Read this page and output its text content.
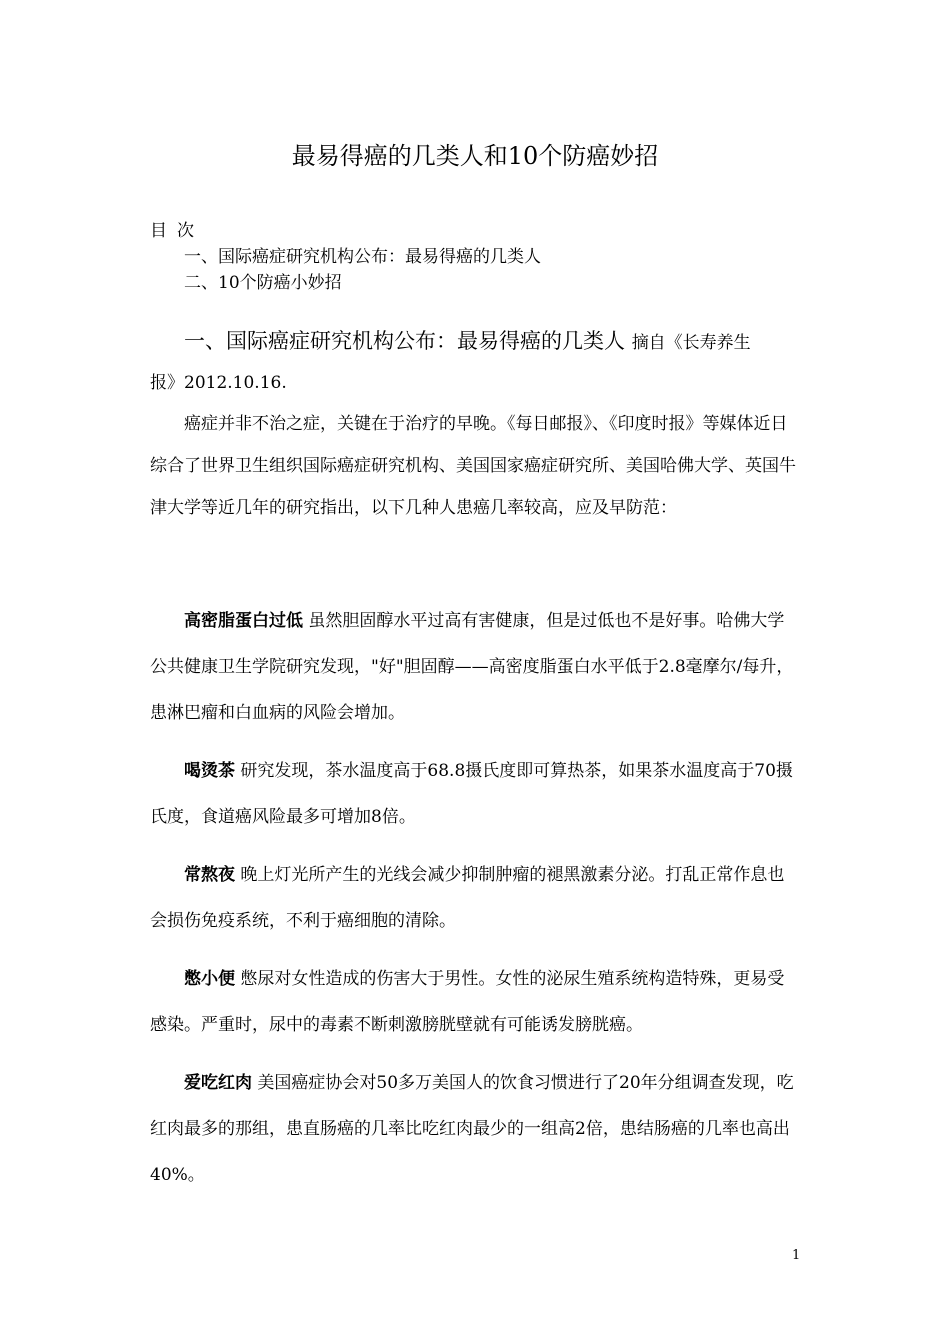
最易得癌的几类人和10个防癌妙招
目次
一、国际癌症研究机构公布：最易得癌的几类人
二、10个防癌小妙招
一、国际癌症研究机构公布：最易得癌的几类人 摘自《长寿养生
报》2012.10.16.

癌症并非不治之症，关键在于治疗的早晚。《每日邮报》、《印度时报》等媒体近日综合了世界卫生组织国际癌症研究机构、美国国家癌症研究所、美国哈佛大学、英国牛津大学等近几年的研究指出，以下几种人患癌几率较高，应及早防范：

高密脂蛋白过低 虽然胆固醇水平过高有害健康，但是过低也不是好事。哈佛大学公共健康卫生学院研究发现，"好"胆固醇——高密度脂蛋白水平低于2.8毫摩尔/每升，患淋巴瘤和白血病的风险会增加。
喝烫茶 研究发现，茶水温度高于68.8摄氏度即可算热茶，如果茶水温度高于70摄氏度，食道癌风险最多可增加8倍。
常熬夜 晚上灯光所产生的光线会减少抑制肿瘤的褪黑激素分泌。打乱正常作息也会损伤免疫系统，不利于癌细胞的清除。
憋小便 憋尿对女性造成的伤害大于男性。女性的泌尿生殖系统构造特殊，更易受感染。严重时，尿中的毒素不断刺激膀胱壁就有可能诱发膀胱癌。
爱吃红肉 美国癌症协会对50多万美国人的饮食习惯进行了20年分组调查发现，吃红肉最多的那组，患直肠癌的几率比吃红肉最少的一组高2倍，患结肠癌的几率也高出40%。
1
